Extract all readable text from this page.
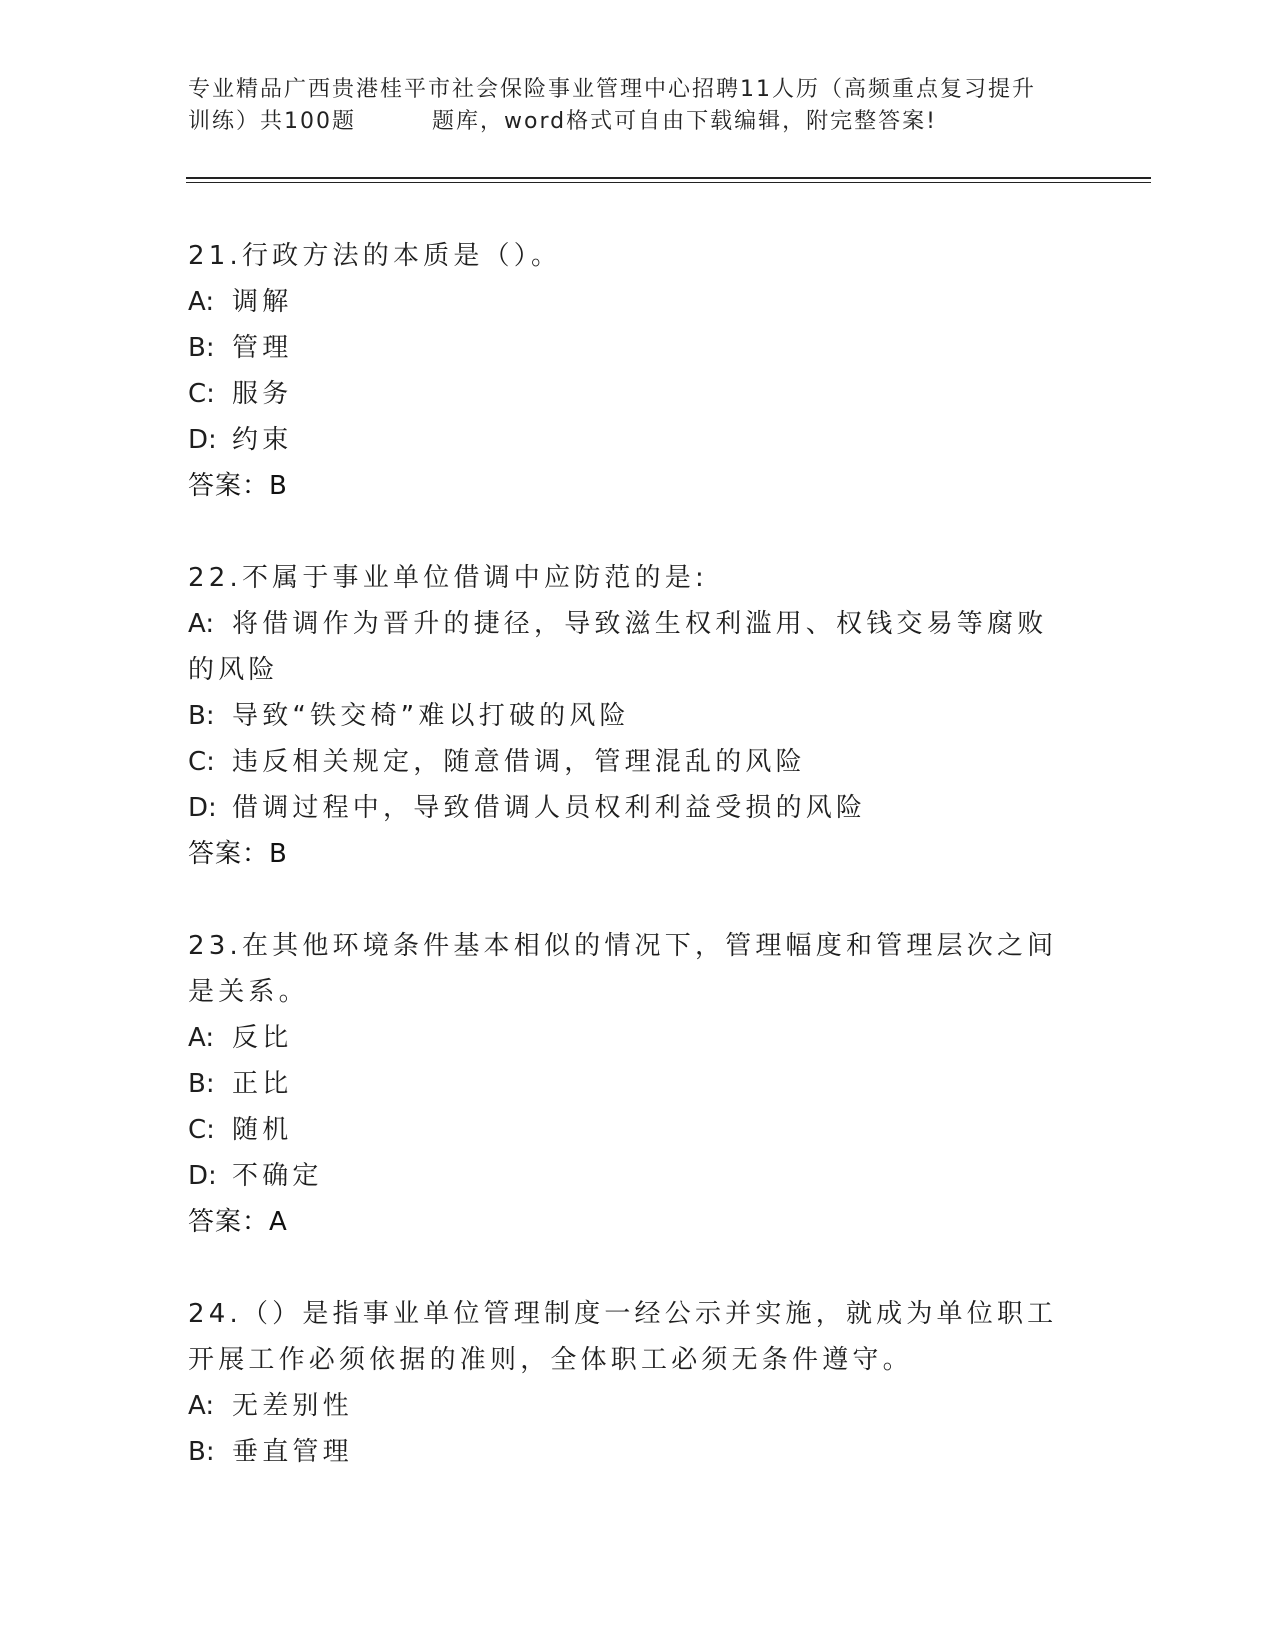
专业精品广西贵港桂平市社会保险事业管理中心招聘11人历（高频重点复习提升
训练）共100题	题库，word格式可自由下载编辑，附完整答案!
21.行政方法的本质是（）。
A: 调解
B: 管理
C: 服务
D: 约束
答案：B
22.不属于事业单位借调中应防范的是:
A: 将借调作为晋升的捷径，导致滋生权利滥用、权钱交易等腐败的风险
B: 导致“铁交椅”难以打破的风险
C: 违反相关规定，随意借调，管理混乱的风险
D: 借调过程中，导致借调人员权利利益受损的风险
答案：B
23.在其他环境条件基本相似的情况下，管理幅度和管理层次之间是关系。
A: 反比
B: 正比
C: 随机
D: 不确定
答案：A
24.（）是指事业单位管理制度一经公示并实施，就成为单位职工开展工作必须依据的准则，全体职工必须无条件遵守。
A: 无差别性
B: 垂直管理
